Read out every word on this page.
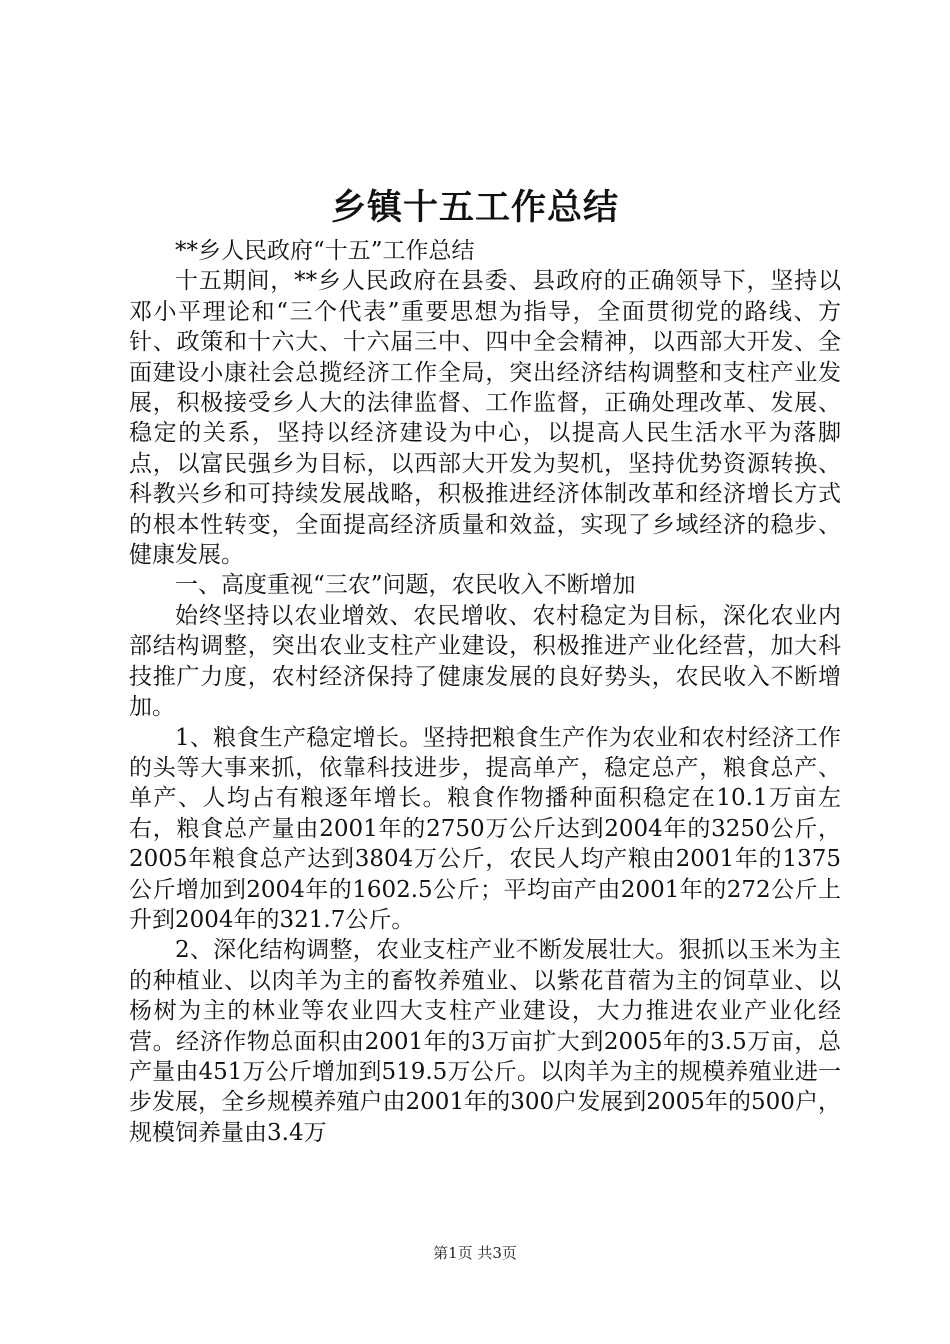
乡镇十五工作总结

**乡人民政府“十五”工作总结

十五期间，**乡人民政府在县委、县政府的正确领导下，坚持以邓小平理论和“三个代表”重要思想为指导，全面贯彻党的路线、方针、政策和十六大、十六届三中、四中全会精神，以西部大开发、全面建设小康社会总揽经济工作全局，突出经济结构调整和支柱产业发展，积极接受乡人大的法律监督、工作监督，正确处理改革、发展、稳定的关系，坚持以经济建设为中心，以提高人民生活水平为落脚点，以富民强乡为目标，以西部大开发为契机，坚持优势资源转换、科教兴乡和可持续发展战略，积极推进经济体制改革和经济增长方式的根本性转变，全面提高经济质量和效益，实现了乡域经济的稳步、健康发展。

一、高度重视“三农”问题，农民收入不断增加

始终坚持以农业增效、农民增收、农村稳定为目标，深化农业内部结构调整，突出农业支柱产业建设，积极推进产业化经营，加大科技推广力度，农村经济保持了健康发展的良好势头，农民收入不断增加。

1、粮食生产稳定增长。坚持把粮食生产作为农业和农村经济工作的头等大事来抓，依靠科技进步，提高单产，稳定总产，粮食总产、单产、人均占有粮逐年增长。粮食作物播种面积稳定在10.1万亩左右，粮食总产量由2001年的2750万公斤达到2004年的3250公斤，2005年粮食总产达到3804万公斤，农民人均产粮由2001年的1375公斤增加到2004年的1602.5公斤；平均亩产由2001年的272公斤上升到2004年的321.7公斤。

2、深化结构调整，农业支柱产业不断发展壮大。狠抓以玉米为主的种植业、以肉羊为主的畜牧养殖业、以紫花苜蓿为主的饲草业、以杨树为主的林业等农业四大支柱产业建设，大力推进农业产业化经营。经济作物总面积由2001年的3万亩扩大到2005年的3.5万亩，总产量由451万公斤增加到519.5万公斤。以肉羊为主的规模养殖业进一步发展，全乡规模养殖户由2001年的300户发展到2005年的500户，规模饲养量由3.4万

第1页 共3页
